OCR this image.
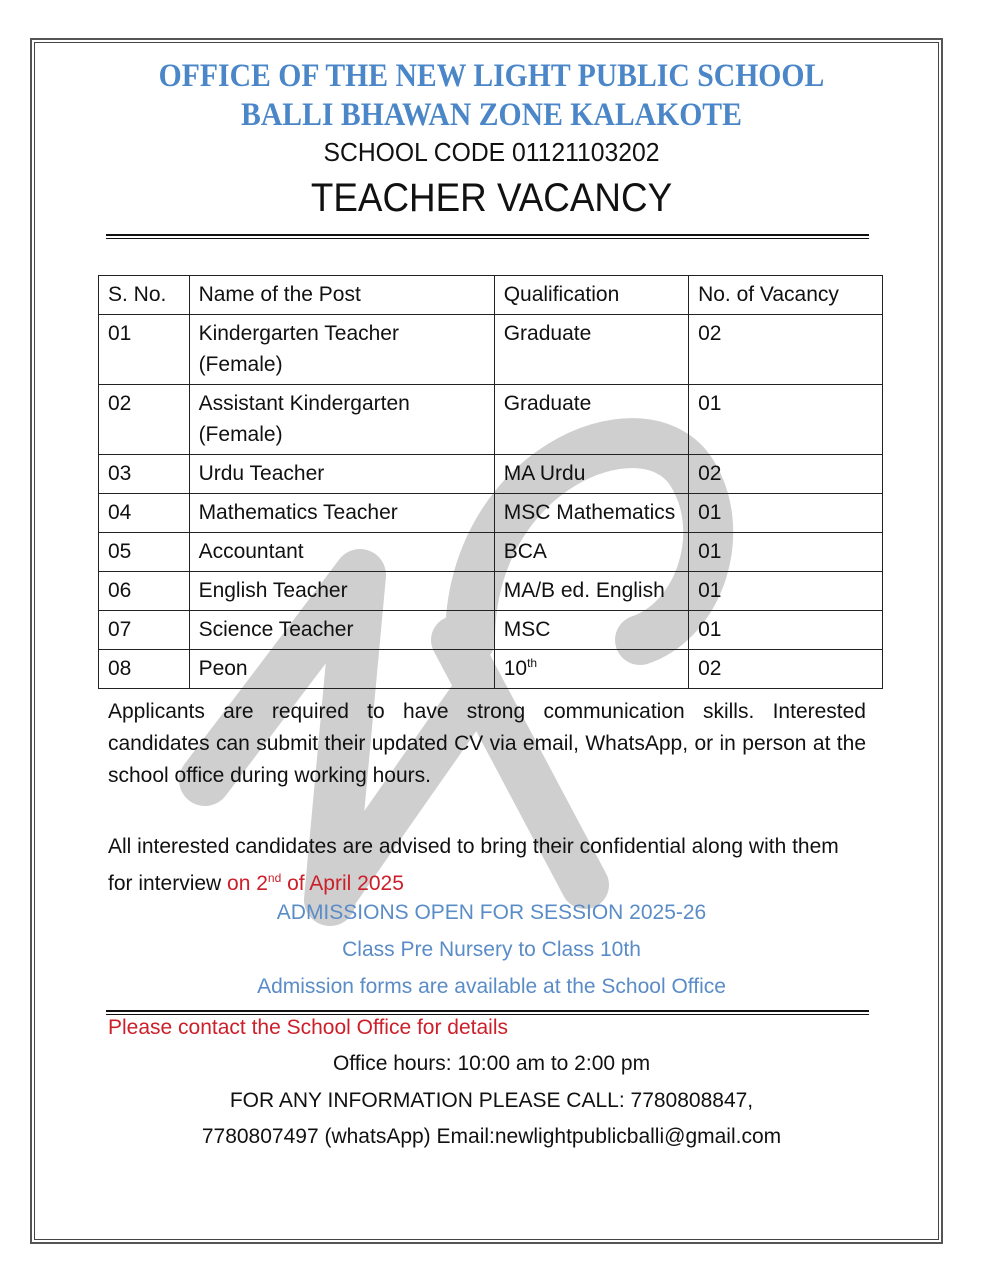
OFFICE OF THE NEW LIGHT PUBLIC SCHOOL
BALLI BHAWAN ZONE KALAKOTE
SCHOOL CODE 01121103202
TEACHER VACANCY
S. No.	Name of the Post	Qualification	No. of Vacancy
01	Kindergarten Teacher (Female)	Graduate	02
02	Assistant Kindergarten (Female)	Graduate	01
03	Urdu Teacher	MA Urdu	02
04	Mathematics Teacher	MSC Mathematics	01
05	Accountant	BCA	01
06	English Teacher	MA/B ed. English	01
07	Science Teacher	MSC	01
08	Peon	10th	02
Applicants are required to have strong communication skills. Interested candidates can submit their updated CV via email, WhatsApp, or in person at the school office during working hours.
All interested candidates are advised to bring their confidential along with them for interview on 2nd of April 2025
ADMISSIONS OPEN FOR SESSION 2025-26
Class Pre Nursery to Class 10th
Admission forms are available at the School Office
Please contact the School Office for details
Office hours: 10:00 am to 2:00 pm
FOR ANY INFORMATION PLEASE CALL: 7780808847,
7780807497 (whatsApp) Email:newlightpublicballi@gmail.com
